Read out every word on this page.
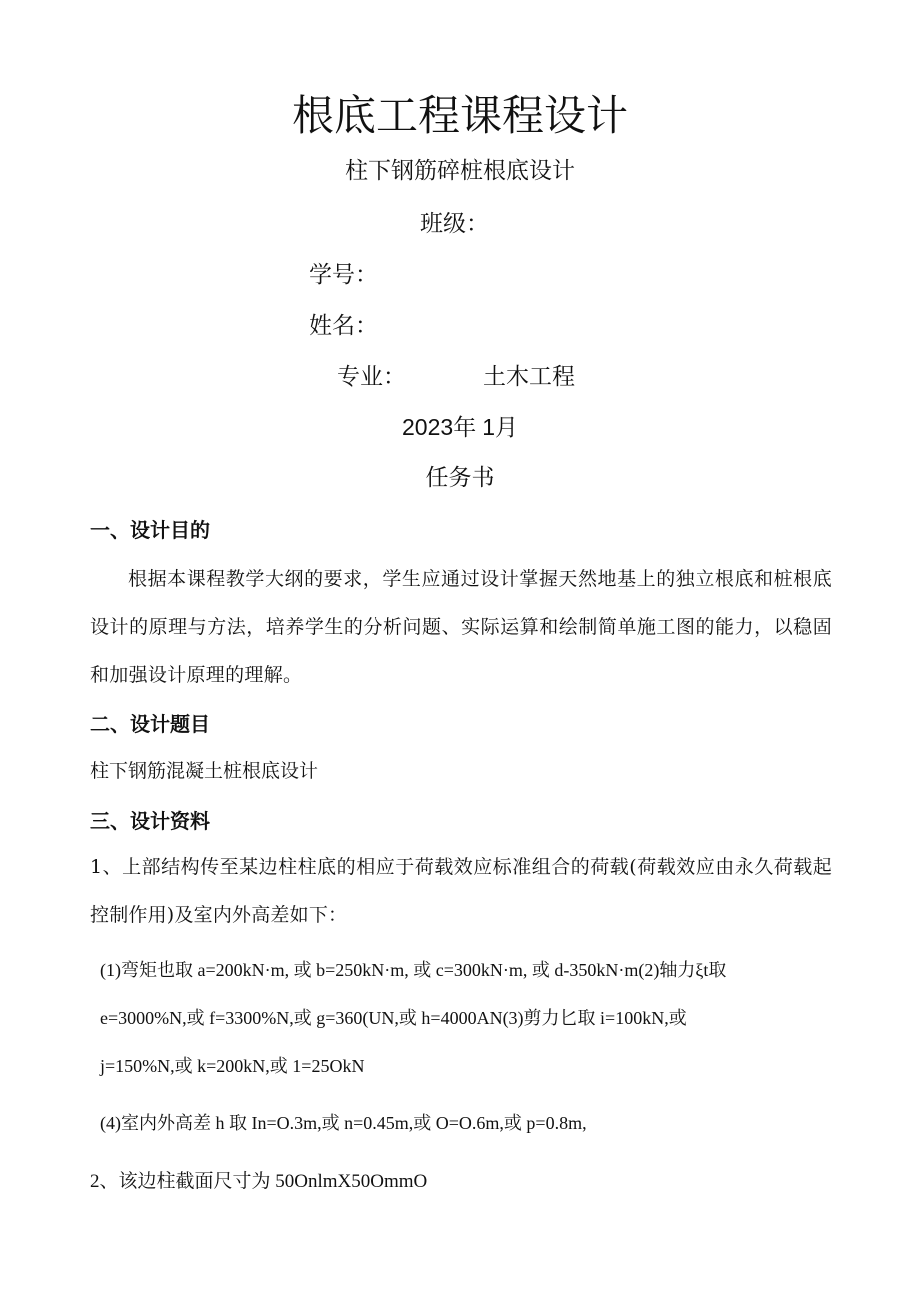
根底工程课程设计
柱下钢筋碎桩根底设计
班级：
学号：
姓名：
专业：	土木工程
2023年 1月
任务书
一、设计目的
根据本课程教学大纲的要求，学生应通过设计掌握天然地基上的独立根底和桩根底设计的原理与方法，培养学生的分析问题、实际运算和绘制简单施工图的能力，以稳固和加强设计原理的理解。
二、设计题目
柱下钢筋混凝土桩根底设计
三、设计资料
1、上部结构传至某边柱柱底的相应于荷载效应标准组合的荷载(荷载效应由永久荷载起控制作用)及室内外高差如下：
(1)弯矩也取 a=200kN·m, 或 b=250kN·m, 或 c=300kN·m, 或 d-350kN·m(2)轴力ξt取
e=3000%N,或 f=3300%N,或 g=360(UN,或 h=4000AN(3)剪力匕取 i=100kN,或
j=150%N,或 k=200kN,或 1=25OkN
(4)室内外高差 h 取 In=O.3m,或 n=0.45m,或 O=O.6m,或 p=0.8m,
2、该边柱截面尺寸为 50OnlmX50OmmO
